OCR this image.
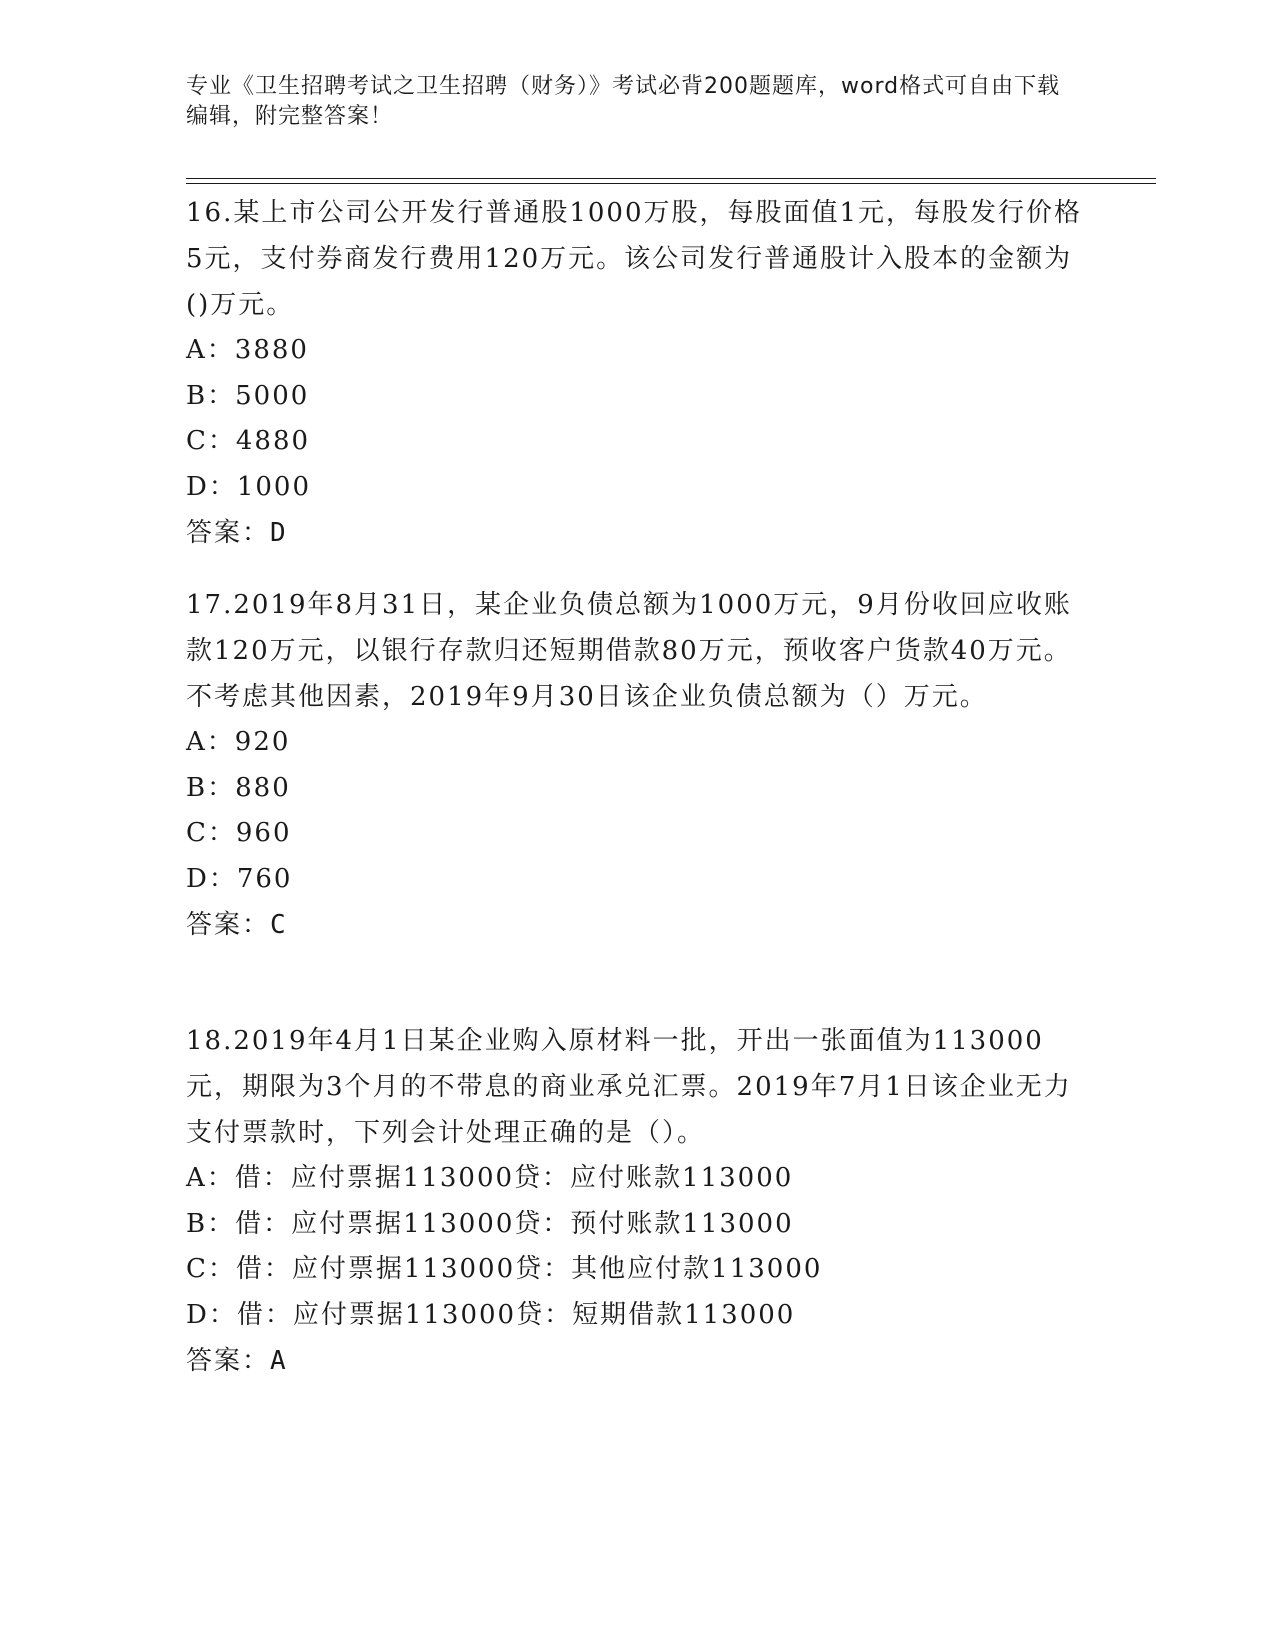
专业《卫生招聘考试之卫生招聘（财务）》考试必背200题题库，word格式可自由下载编辑，附完整答案！
16.某上市公司公开发行普通股1000万股，每股面值1元，每股发行价格5元，支付券商发行费用120万元。该公司发行普通股计入股本的金额为()万元。
A：3880
B：5000
C：4880
D：1000
答案：D
17.2019年8月31日，某企业负债总额为1000万元，9月份收回应收账款120万元，以银行存款归还短期借款80万元，预收客户货款40万元。不考虑其他因素，2019年9月30日该企业负债总额为（）万元。
A：920
B：880
C：960
D：760
答案：C
18.2019年4月1日某企业购入原材料一批，开出一张面值为113000元，期限为3个月的不带息的商业承兑汇票。2019年7月1日该企业无力支付票款时，下列会计处理正确的是（）。
A：借：应付票据113000贷：应付账款113000
B：借：应付票据113000贷：预付账款113000
C：借：应付票据113000贷：其他应付款113000
D：借：应付票据113000贷：短期借款113000
答案：A
